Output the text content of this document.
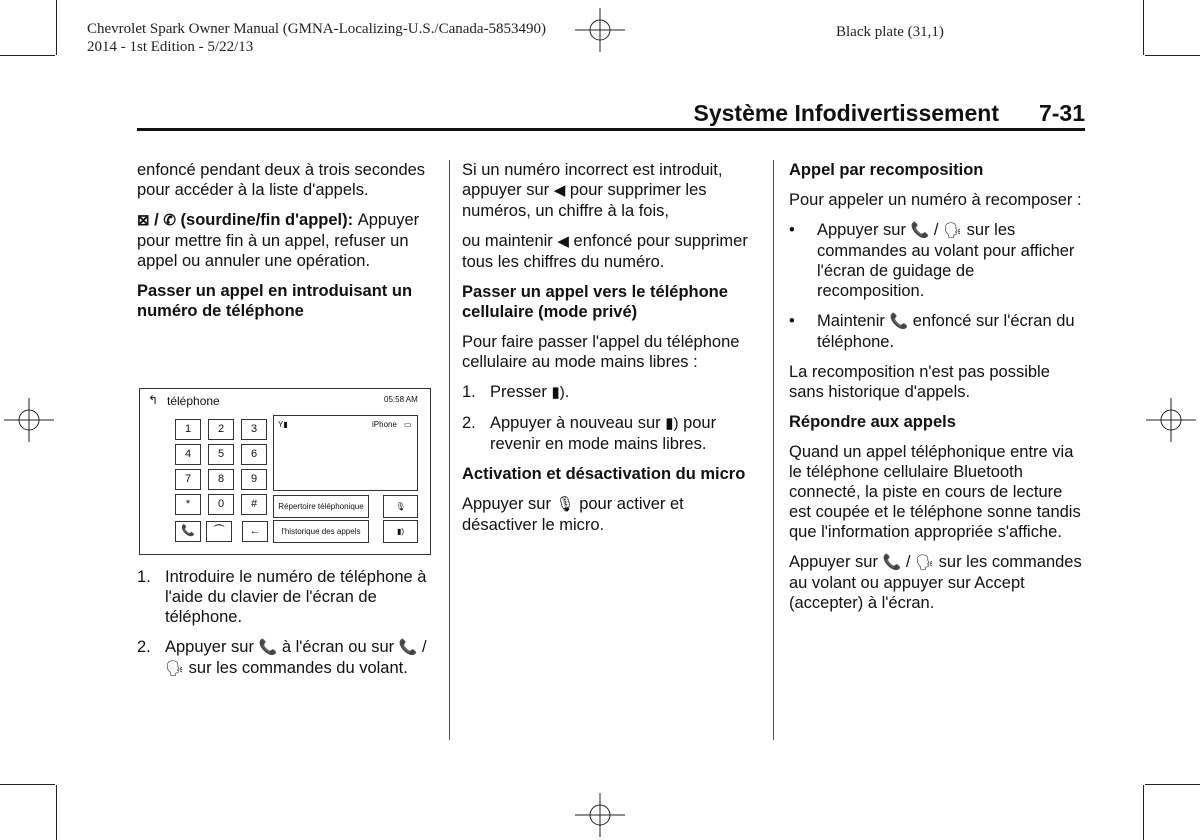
Chevrolet Spark Owner Manual (GMNA-Localizing-U.S./Canada-5853490)
2014 - 1st Edition - 5/22/13
Black plate (31,1)
Système Infodivertissement 7-31

enfoncé pendant deux à trois secondes pour accéder à la liste d'appels.

⊠ / ✆ (sourdine/fin d'appel): Appuyer pour mettre fin à un appel, refuser un appel ou annuler une opération.

Passer un appel en introduisant un numéro de téléphone

↰ téléphone	05:58 AM
1	2	3
4	5	6
7	8	9
*	0	#
📞	⏜	←
Y▮	iPhone ▭
Répertoire téléphonique	🎙
l'historique des appels	▮)
1. Introduire le numéro de téléphone à l'aide du clavier de l'écran de téléphone.
2. Appuyer sur 📞 à l'écran ou sur 📞 / 🗣 sur les commandes du volant.

Si un numéro incorrect est introduit, appuyer sur ◀ pour supprimer les numéros, un chiffre à la fois,

ou maintenir ◀ enfoncé pour supprimer tous les chiffres du numéro.

Passer un appel vers le téléphone cellulaire (mode privé)

Pour faire passer l'appel du téléphone cellulaire au mode mains libres :

1. Presser ▮).
2. Appuyer à nouveau sur ▮) pour revenir en mode mains libres.

Activation et désactivation du micro

Appuyer sur 🎙 pour activer et désactiver le micro.

Appel par recomposition

Pour appeler un numéro à recomposer :

• Appuyer sur 📞 / 🗣 sur les commandes au volant pour afficher l'écran de guidage de recomposition.
• Maintenir 📞 enfoncé sur l'écran du téléphone.

La recomposition n'est pas possible sans historique d'appels.

Répondre aux appels

Quand un appel téléphonique entre via le téléphone cellulaire Bluetooth connecté, la piste en cours de lecture est coupée et le téléphone sonne tandis que l'information appropriée s'affiche.

Appuyer sur 📞 / 🗣 sur les commandes au volant ou appuyer sur Accept (accepter) à l'écran.
